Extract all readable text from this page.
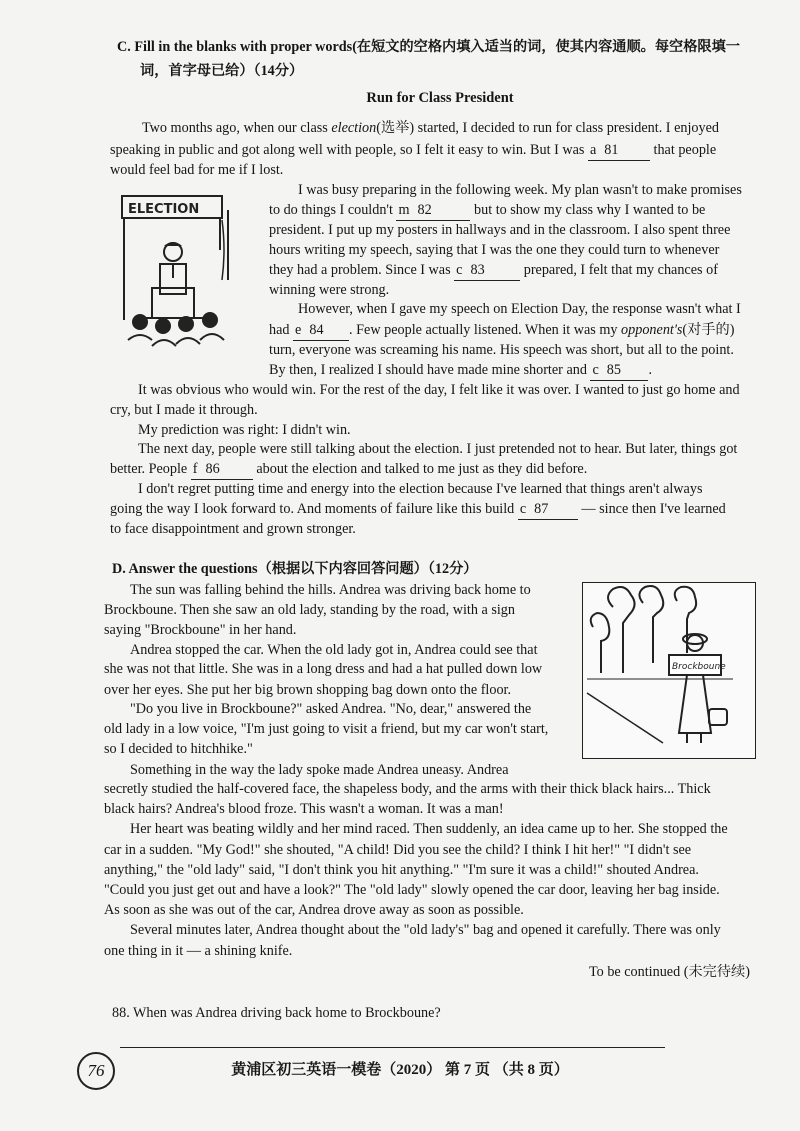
C. Fill in the blanks with proper words(在短文的空格内填入适当的词，使其内容通顺。每空格限填一
词，首字母已给）（14分）
Run for Class President
Two months ago, when our class election(选举) started, I decided to run for class president. I enjoyed
speaking in public and got along well with people, so I felt it easy to win. But I was a 81 that people
would feel bad for me if I lost.
ELECTION
I was busy preparing in the following week. My plan wasn't to make promises
to do things I couldn't m 82	but to show my class why I wanted to be
president. I put up my posters in hallways and in the classroom. I also spent three
hours writing my speech, saying that I was the one they could turn to whenever
they had a problem. Since I was c 83	prepared, I felt that my chances of
winning were strong.
However, when I gave my speech on Election Day, the response wasn't what I
had e 84 . Few people actually listened. When it was my opponent's(对手的)
turn, everyone was screaming his name. His speech was short, but all to the point.
By then, I realized I should have made mine shorter and c 85 .
It was obvious who would win. For the rest of the day, I felt like it was over. I wanted to just go home and
cry, but I made it through.
My prediction was right: I didn't win.
The next day, people were still talking about the election. I just pretended not to hear. But later, things got
better. People f 86 about the election and talked to me just as they did before.
I don't regret putting time and energy into the election because I've learned that things aren't always
going the way I look forward to. And moments of failure like this build c 87 — since then I've learned
to face disappointment and grown stronger.
D. Answer the questions（根据以下内容回答问题）（12分）
The sun was falling behind the hills. Andrea was driving back home to
Brockboune. Then she saw an old lady, standing by the road, with a sign
saying "Brockboune" in her hand.
Andrea stopped the car. When the old lady got in, Andrea could see that
she was not that little. She was in a long dress and had a hat pulled down low
over her eyes. She put her big brown shopping bag down onto the floor.
"Do you live in Brockboune?" asked Andrea. "No, dear," answered the
old lady in a low voice, "I'm just going to visit a friend, but my car won't start,
so I decided to hitchhike."
Something in the way the lady spoke made Andrea uneasy. Andrea
Brockboune
secretly studied the half-covered face, the shapeless body, and the arms with their thick black hairs... Thick
black hairs? Andrea's blood froze. This wasn't a woman. It was a man!
Her heart was beating wildly and her mind raced. Then suddenly, an idea came up to her. She stopped the
car in a sudden. "My God!" she shouted, "A child! Did you see the child? I think I hit her!" "I didn't see
anything," the "old lady" said, "I don't think you hit anything." "I'm sure it was a child!" shouted Andrea.
"Could you just get out and have a look?" The "old lady" slowly opened the car door, leaving her bag inside.
As soon as she was out of the car, Andrea drove away as soon as possible.
Several minutes later, Andrea thought about the "old lady's" bag and opened it carefully. There was only
one thing in it — a shining knife.
To be continued (未完待续)
88. When was Andrea driving back home to Brockboune?
76	黄浦区初三英语一模卷（2020） 第 7 页 （共 8 页）
